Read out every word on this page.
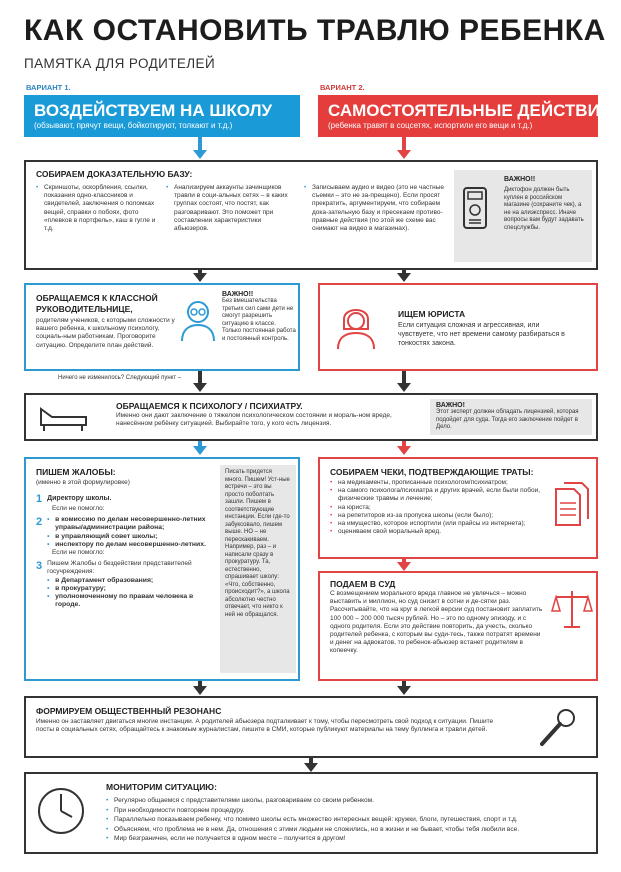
КАК ОСТАНОВИТЬ ТРАВЛЮ РЕБЕНКА
ПАМЯТКА ДЛЯ РОДИТЕЛЕЙ
ВАРИАНТ 1.	ВАРИАНТ 2.
ВОЗДЕЙСТВУЕМ НА ШКОЛУ

(обзывают, прячут вещи, бойкотируют, толкают и т.д.)

САМОСТОЯТЕЛЬНЫЕ ДЕЙСТВИЯ

(ребенка травят в соцсетях, испортили его вещи и т.д.)

СОБИРАЕМ ДОКАЗАТЕЛЬНУЮ БАЗУ:
• Скриншоты, оскорбления, ссылки, показания одно-классников и свидетелей, заключения о поломках вещей, справки о побоях, фото «плевков в портфель», каш в гугле и т.д.
• Анализируем аккаунты зачинщиков травли в соци-альных сетях – в каких группах состоят, что постят, как разговаривают. Это поможет при составлении характеристики абьюзеров.
• Записываем аудио и видео (это не частные съемки – это не за-прещено). Если просят прекратить, аргументируем, что собираем дока-зательную базу и пресекаем противо-правные действия (по этой же схеме вас снимают на видео в магазинах).
ВАЖНО!!
Диктофон должен быть куплен в российском магазине (сохраните чек), а не на алиэкспресс. Иначе вопросы вам будут задавать спецслужбы.
ОБРАЩАЕМСЯ К КЛАССНОЙ РУКОВОДИТЕЛЬНИЦЕ,
родителям учеников, с которыми сложности у вашего ребенка, к школьному психологу, социаль-ным работникам. Проговорите ситуацию. Определите план действий.
ВАЖНО!!
Без вмешательства третьих сил сами дети не смогут разрешить ситуацию в классе. Только постоянная работа и постоянный контроль.
Ничего не изменилось? Следующий пункт –
ИЩЕМ ЮРИСТА
Если ситуация сложная и агрессивная, или чувствуете, что нет времени самому разбираться в тонкостях закона.
ОБРАЩАЕМСЯ К ПСИХОЛОГУ / ПСИХИАТРУ.
Именно они дают заключение о тяжелом психологическом состоянии и мораль-ном вреде, нанесённом ребёнку ситуацией. Выбирайте того, у кого есть лицензия.
ВАЖНО!
Этот эксперт должен обладать лицензией, которая подойдет для суда. Тогда его заключение пойдет в Дело.
ПИШЕМ ЖАЛОБЫ:
(именно в этой формулировке)
1 Директору школы.
Если не помогло:
2
•	в комиссию по делам несовершенно-летних управы/администрации района;
• в управляющий совет школы;
• инспектору по делам несовершенно-летних.
Если не помогло:
3 Пишем Жалобы о бездействии представителей госучреждения:
• в Департамент образования;
• в прокуратуру;
• уполномоченному по правам человека в городе.
Писать придется много. Пишем! Уст-ные встречи – это вы просто поболтать зашли. Пишем в соответствующие инстанции. Если где-то забуксовало, пишем выше. НО – не перескакиваем. Например, раз – и написали сразу в прокуратуру. Та, естественно, спрашивает школу: «Что, собственно, происходит?», а школа абсолютно честно отвечает, что никто к ней не обращался.
СОБИРАЕМ ЧЕКИ, ПОДТВЕРЖДАЮЩИЕ ТРАТЫ:
• на медикаменты, прописанные психологом/психиатром;
• на самого психолога/психиатра и других врачей, если были побои, физические травмы и лечение;
• на юриста;
• на репетиторов из-за пропуска школы (если было);
• на имущество, которое испортили (или прайсы из интернета);
• оцениваем свой моральный вред.
ПОДАЕМ В СУД
С возмещением морального вреда главное не увлечься – можно выставить и миллион, но суд снизит в сотни и де-сятки раз. Рассчитывайте, что на круг в легкой версии суд постановит заплатить 100 000 – 200 000 тысяч рублей. Но – это по одному эпизоду, и с одного родителя. Если это действие повторить, да учесть, сколько родителей ребенка, с которым вы суди-тесь, также потратят времени и денег на адвокатов, то ребенок-абьюзер встанет родителям в копеечку.
ФОРМИРУЕМ ОБЩЕСТВЕННЫЙ РЕЗОНАНС
Именно он заставляет двигаться многие инстанции. А родителей абьюзера подталкивает к тому, чтобы пересмотреть свой подход к ситуации. Пишите посты в социальных сетях, обращайтесь к знакомым журналистам, пишите в СМИ, которые публикуют материалы на тему буллинга и травли детей.
МОНИТОРИМ СИТУАЦИЮ:
• Регулярно общаемся с представителями школы, разговариваем со своим ребенком.
• При необходимости повторяем процедуру.
• Параллельно показываем ребенку, что помимо школы есть множество интересных вещей: кружки, блоги, путешествия, спорт и т.д.
• Объясняем, что проблема не в нем. Да, отношения с этими людьми не сложились, но в жизни и не бывает, чтобы тебя любили все.
• Мир безграничен, если не получается в одном месте – получится в другом!
